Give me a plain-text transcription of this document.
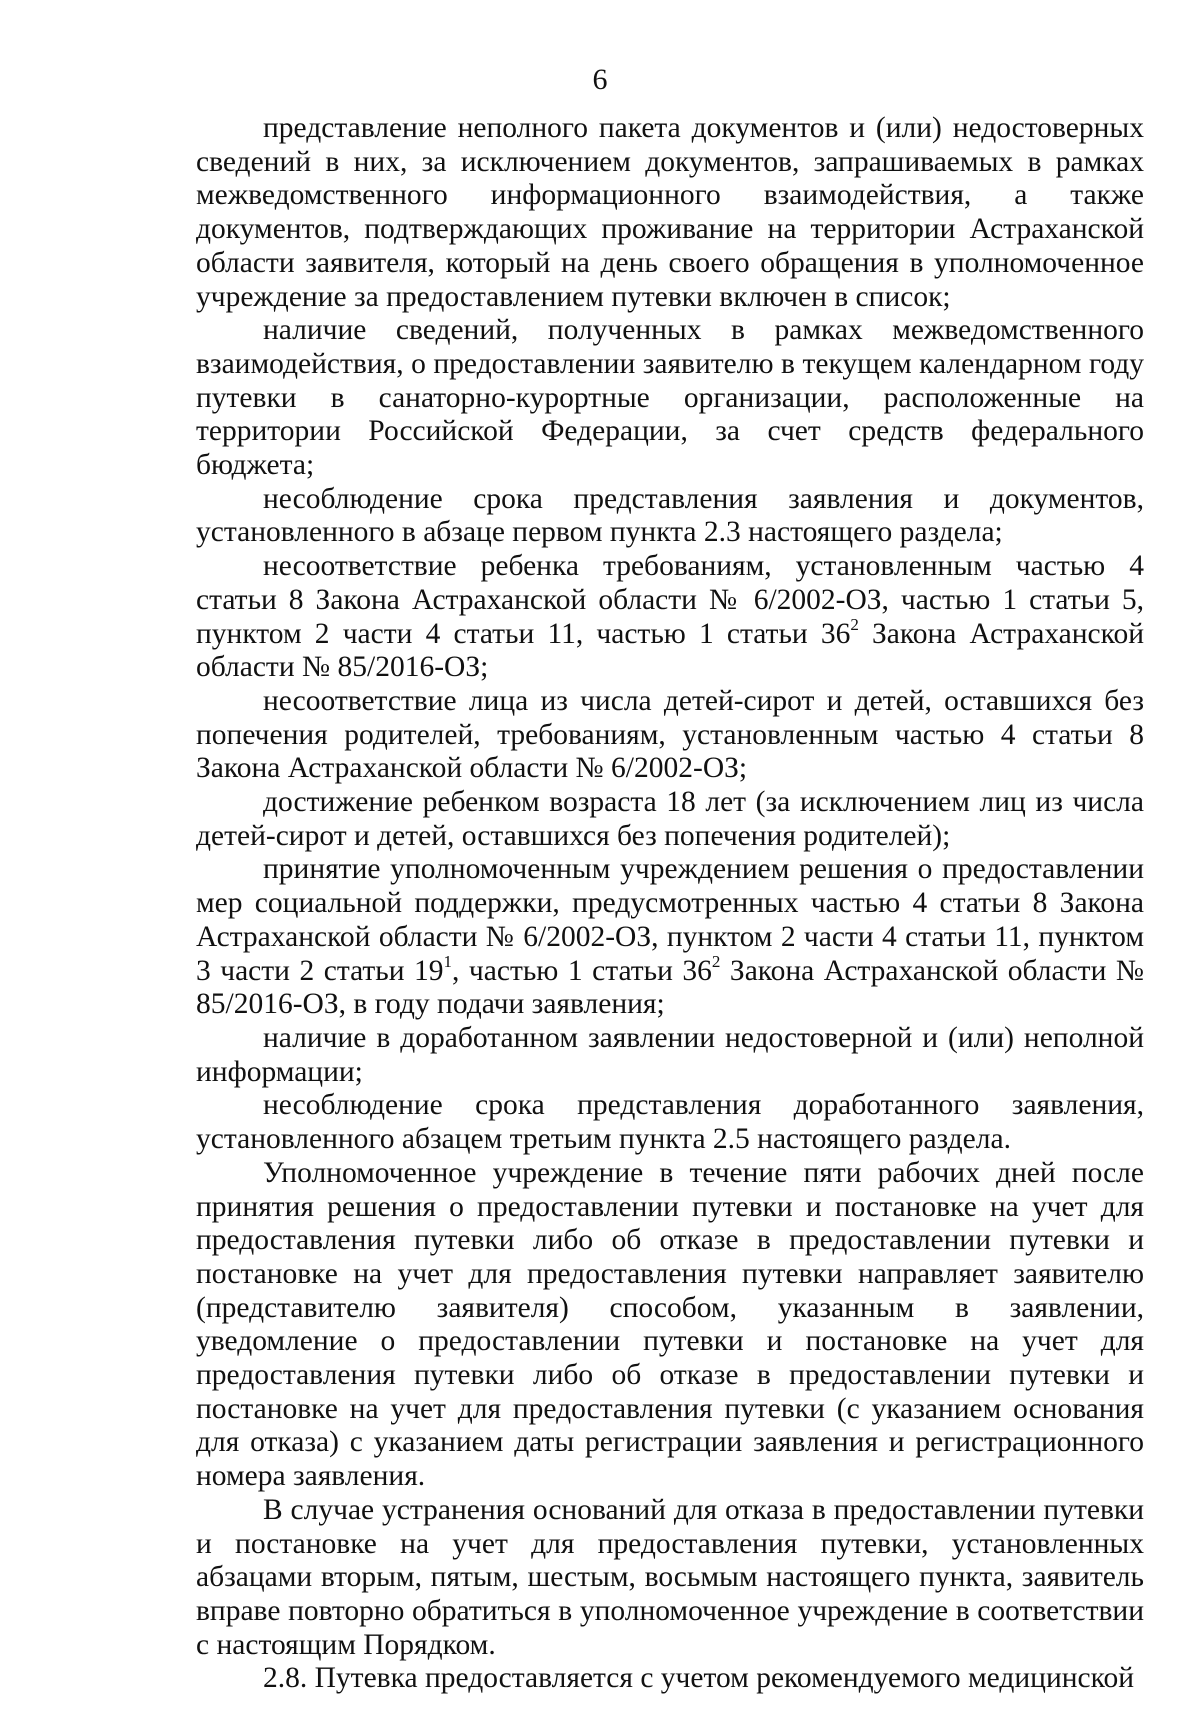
6

представление неполного пакета документов и (или) недостоверных сведений в них, за исключением документов, запрашиваемых в рамках межведомственного информационного взаимодействия, а также документов, подтверждающих проживание на территории Астраханской области заявителя, который на день своего обращения в уполномоченное учреждение за предоставлением путевки включен в список;

наличие сведений, полученных в рамках межведомственного взаимодействия, о предоставлении заявителю в текущем календарном году путевки в санаторно-курортные организации, расположенные на территории Российской Федерации, за счет средств федерального бюджета;

несоблюдение срока представления заявления и документов, установленного в абзаце первом пункта 2.3 настоящего раздела;

несоответствие ребенка требованиям, установленным частью 4 статьи 8 Закона Астраханской области № 6/2002-ОЗ, частью 1 статьи 5, пунктом 2 части 4 статьи 11, частью 1 статьи $36^2$ Закона Астраханской области № 85/2016-ОЗ;

несоответствие лица из числа детей-сирот и детей, оставшихся без попечения родителей, требованиям, установленным частью 4 статьи 8 Закона Астраханской области № 6/2002-ОЗ;

достижение ребенком возраста 18 лет (за исключением лиц из числа детей-сирот и детей, оставшихся без попечения родителей);

принятие уполномоченным учреждением решения о предоставлении мер социальной поддержки, предусмотренных частью 4 статьи 8 Закона Астраханской области № 6/2002-ОЗ, пунктом 2 части 4 статьи 11, пунктом 3 части 2 статьи $19^1$, частью 1 статьи $36^2$ Закона Астраханской области № 85/2016-ОЗ, в году подачи заявления;

наличие в доработанном заявлении недостоверной и (или) неполной информации;

несоблюдение срока представления доработанного заявления, установленного абзацем третьим пункта 2.5 настоящего раздела.

Уполномоченное учреждение в течение пяти рабочих дней после принятия решения о предоставлении путевки и постановке на учет для предоставления путевки либо об отказе в предоставлении путевки и постановке на учет для предоставления путевки направляет заявителю (представителю заявителя) способом, указанным в заявлении, уведомление о предоставлении путевки и постановке на учет для предоставления путевки либо об отказе в предоставлении путевки и постановке на учет для предоставления путевки (с указанием основания для отказа) с указанием даты регистрации заявления и регистрационного номера заявления.

В случае устранения оснований для отказа в предоставлении путевки и постановке на учет для предоставления путевки, установленных абзацами вторым, пятым, шестым, восьмым настоящего пункта, заявитель вправе повторно обратиться в уполномоченное учреждение в соответствии с настоящим Порядком.

2.8. Путевка предоставляется с учетом рекомендуемого медицинской
